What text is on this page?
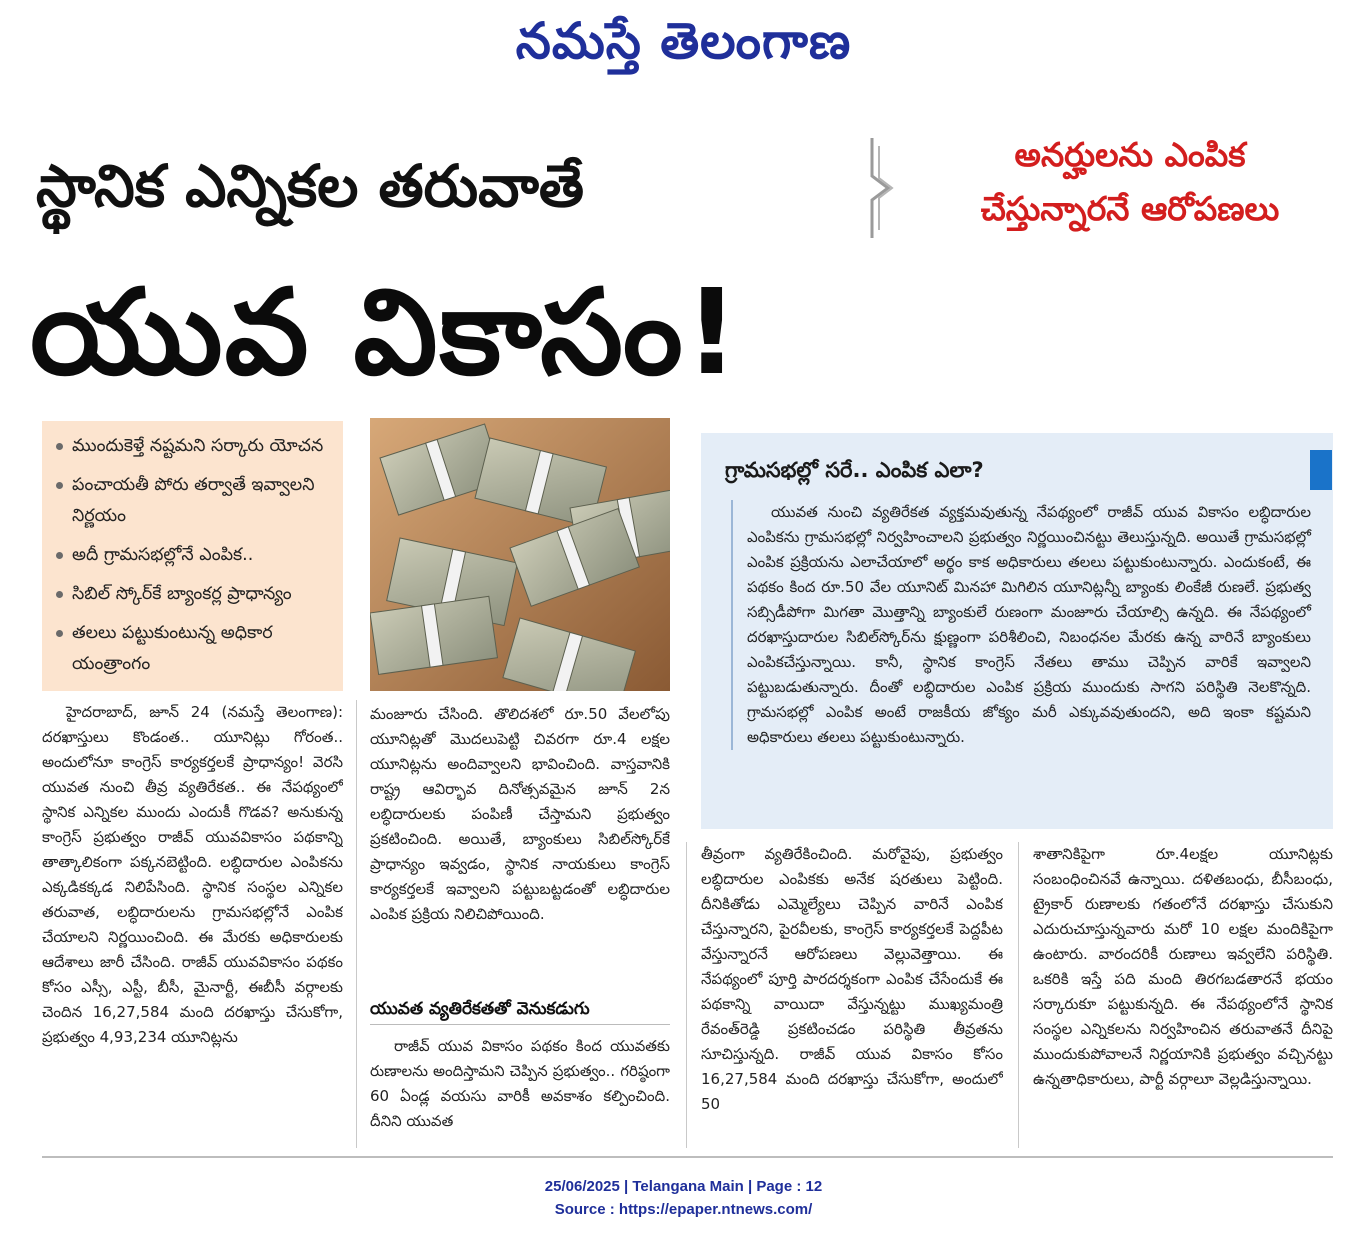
నమస్తే తెలంగాణ
స్థానిక ఎన్నికల తరువాతే	అనర్హులను ఎంపిక
చేస్తున్నారనే ఆరోపణలు
యువ వికాసం!
ముందుకెళ్తే నష్టమని సర్కారు యోచన
పంచాయతీ పోరు తర్వాతే ఇవ్వాలని నిర్ణయం
అదీ గ్రామసభల్లోనే ఎంపిక..
సిబిల్ స్కోర్‌కే బ్యాంకర్ల ప్రాధాన్యం
తలలు పట్టుకుంటున్న అధికార యంత్రాంగం
గ్రామసభల్లో సరే.. ఎంపిక ఎలా?
యువత నుంచి వ్యతిరేకత వ్యక్తమవుతున్న నేపథ్యంలో రాజీవ్ యువ వికాసం లబ్ధిదారుల ఎంపికను గ్రామసభల్లో నిర్వహించాలని ప్రభుత్వం నిర్ణయించినట్టు తెలుస్తున్నది. అయితే గ్రామసభల్లో ఎంపిక ప్రక్రియను ఎలాచేయాలో అర్థం కాక అధికారులు తలలు పట్టుకుంటున్నారు. ఎందుకంటే, ఈ పథకం కింద రూ.50 వేల యూనిట్ మినహా మిగిలిన యూనిట్లన్నీ బ్యాంకు లింకేజీ రుణలే. ప్రభుత్వ సబ్సిడీపోగా మిగతా మొత్తాన్ని బ్యాంకులే రుణంగా మంజూరు చేయాల్సి ఉన్నది. ఈ నేపథ్యంలో దరఖాస్తుదారుల సిబిల్‌స్కోర్‌ను క్షుణ్ణంగా పరిశీలించి, నిబంధనల మేరకు ఉన్న వారినే బ్యాంకులు ఎంపికచేస్తున్నాయి. కానీ, స్థానిక కాంగ్రెస్ నేతలు తాము చెప్పిన వారికే ఇవ్వాలని పట్టుబడుతున్నారు. దీంతో లబ్ధిదారుల ఎంపిక ప్రక్రియ ముందుకు సాగని పరిస్థితి నెలకొన్నది. గ్రామసభల్లో ఎంపిక అంటే రాజకీయ జోక్యం మరీ ఎక్కువవుతుందని, అది ఇంకా కష్టమని అధికారులు తలలు పట్టుకుంటున్నారు.
హైదరాబాద్, జూన్ 24 (నమస్తే తెలంగాణ): దరఖాస్తులు కొండంత.. యూనిట్లు గోరంత.. అందులోనూ కాంగ్రెస్ కార్యకర్తలకే ప్రాధాన్యం! వెరసి యువత నుంచి తీవ్ర వ్యతిరేకత.. ఈ నేపథ్యంలో స్థానిక ఎన్నికల ముందు ఎందుకీ గొడవ? అనుకున్న కాంగ్రెస్ ప్రభుత్వం రాజీవ్ యువవికాసం పథకాన్ని తాత్కాలికంగా పక్కనబెట్టింది. లబ్ధిదారుల ఎంపికను ఎక్కడికక్కడ నిలిపేసింది. స్థానిక సంస్థల ఎన్నికల తరువాత, లబ్ధిదారులను గ్రామసభల్లోనే ఎంపిక చేయాలని నిర్ణయించింది. ఈ మేరకు అధికారులకు ఆదేశాలు జారీ చేసింది. రాజీవ్ యువవికాసం పథకం కోసం ఎస్సీ, ఎస్టీ, బీసీ, మైనార్టీ, ఈబీసీ వర్గాలకు చెందిన 16,27,584 మంది దరఖాస్తు చేసుకోగా, ప్రభుత్వం 4,93,234 యూనిట్లను
మంజూరు చేసింది. తొలిదశలో రూ.50 వేలలోపు యూనిట్లతో మొదలుపెట్టి చివరగా రూ.4 లక్షల యూనిట్లను అందివ్వాలని భావించింది. వాస్తవానికి రాష్ట్ర ఆవిర్భావ దినోత్సవమైన జూన్ 2న లబ్ధిదారులకు పంపిణీ చేస్తామని ప్రభుత్వం ప్రకటించింది. అయితే, బ్యాంకులు సిబిల్‌స్కోర్‌కే ప్రాధాన్యం ఇవ్వడం, స్థానిక నాయకులు కాంగ్రెస్ కార్యకర్తలకే ఇవ్వాలని పట్టుబట్టడంతో లబ్ధిదారుల ఎంపిక ప్రక్రియ నిలిచిపోయింది.
యువత వ్యతిరేకతతో వెనుకడుగు
రాజీవ్ యువ వికాసం పథకం కింద యువతకు రుణాలను అందిస్తామని చెప్పిన ప్రభుత్వం.. గరిష్ఠంగా 60 ఏండ్ల వయసు వారికీ అవకాశం కల్పించింది. దీనిని యువత
తీవ్రంగా వ్యతిరేకించింది. మరోవైపు, ప్రభుత్వం లబ్ధిదారుల ఎంపికకు అనేక షరతులు పెట్టింది. దీనికితోడు ఎమ్మెల్యేలు చెప్పిన వారినే ఎంపిక చేస్తున్నారని, పైరవీలకు, కాంగ్రెస్ కార్యకర్తలకే పెద్దపీట వేస్తున్నారనే ఆరోపణలు వెల్లువెత్తాయి. ఈ నేపథ్యంలో పూర్తి పారదర్శకంగా ఎంపిక చేసేందుకే ఈ పథకాన్ని వాయిదా వేస్తున్నట్టు ముఖ్యమంత్రి రేవంత్‌రెడ్డి ప్రకటించడం పరిస్థితి తీవ్రతను సూచిస్తున్నది. రాజీవ్ యువ వికాసం కోసం 16,27,584 మంది దరఖాస్తు చేసుకోగా, అందులో 50
శాతానికిపైగా రూ.4లక్షల యూనిట్లకు సంబంధించినవే ఉన్నాయి. దళితబంధు, బీసీబంధు, ట్రైకార్ రుణాలకు గతంలోనే దరఖాస్తు చేసుకుని ఎదురుచూస్తున్నవారు మరో 10 లక్షల మందికిపైగా ఉంటారు. వారందరికీ రుణాలు ఇవ్వలేని పరిస్థితి. ఒకరికి ఇస్తే పది మంది తిరగబడతారనే భయం సర్కారుకూ పట్టుకున్నది. ఈ నేపథ్యంలోనే స్థానిక సంస్థల ఎన్నికలను నిర్వహించిన తరువాతనే దీనిపై ముందుకుపోవాలనే నిర్ణయానికి ప్రభుత్వం వచ్చినట్టు ఉన్నతాధికారులు, పార్టీ వర్గాలూ వెల్లడిస్తున్నాయి.
25/06/2025 | Telangana Main | Page : 12
Source : https://epaper.ntnews.com/
